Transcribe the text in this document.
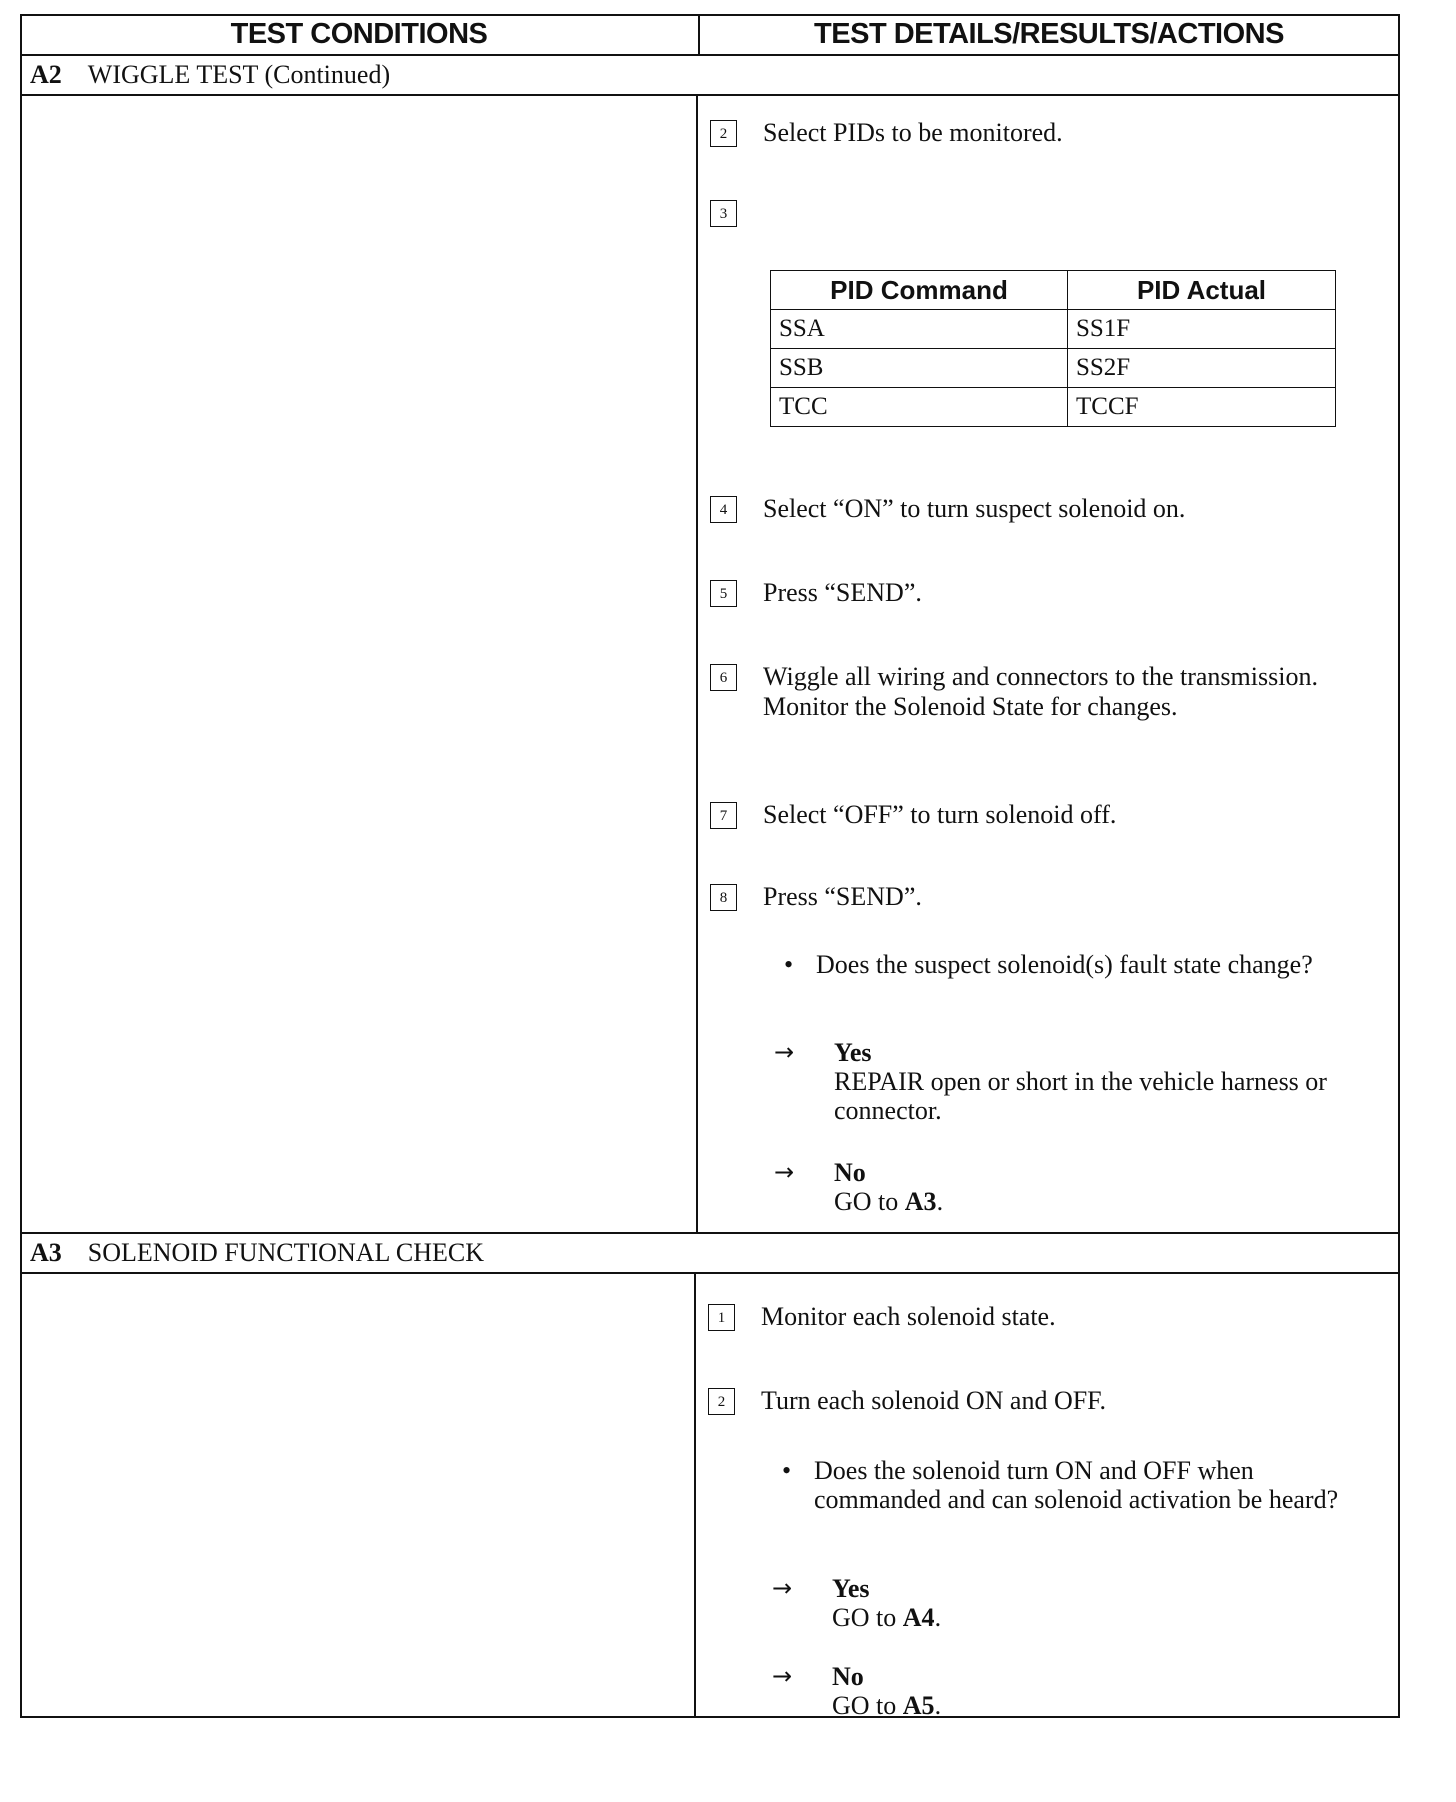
TEST CONDITIONS	TEST DETAILS/RESULTS/ACTIONS
A2 WIGGLE TEST (Continued)
2	Select PIDs to be monitored.
3
PID Command	PID Actual
SSA	SS1F
SSB	SS2F
TCC	TCCF
4	Select “ON” to turn suspect solenoid on.
5	Press “SEND”.
6	Wiggle all wiring and connectors to the transmission. Monitor the Solenoid State for changes.
7	Select “OFF” to turn solenoid off.
8	Press “SEND”.
• Does the suspect solenoid(s) fault state change?
→	Yes
REPAIR open or short in the vehicle harness or connector.
→	No
GO to A3.
A3 SOLENOID FUNCTIONAL CHECK
1	Monitor each solenoid state.
2	Turn each solenoid ON and OFF.
• Does the solenoid turn ON and OFF when commanded and can solenoid activation be heard?
→	Yes
GO to A4.
→	No
GO to A5.
